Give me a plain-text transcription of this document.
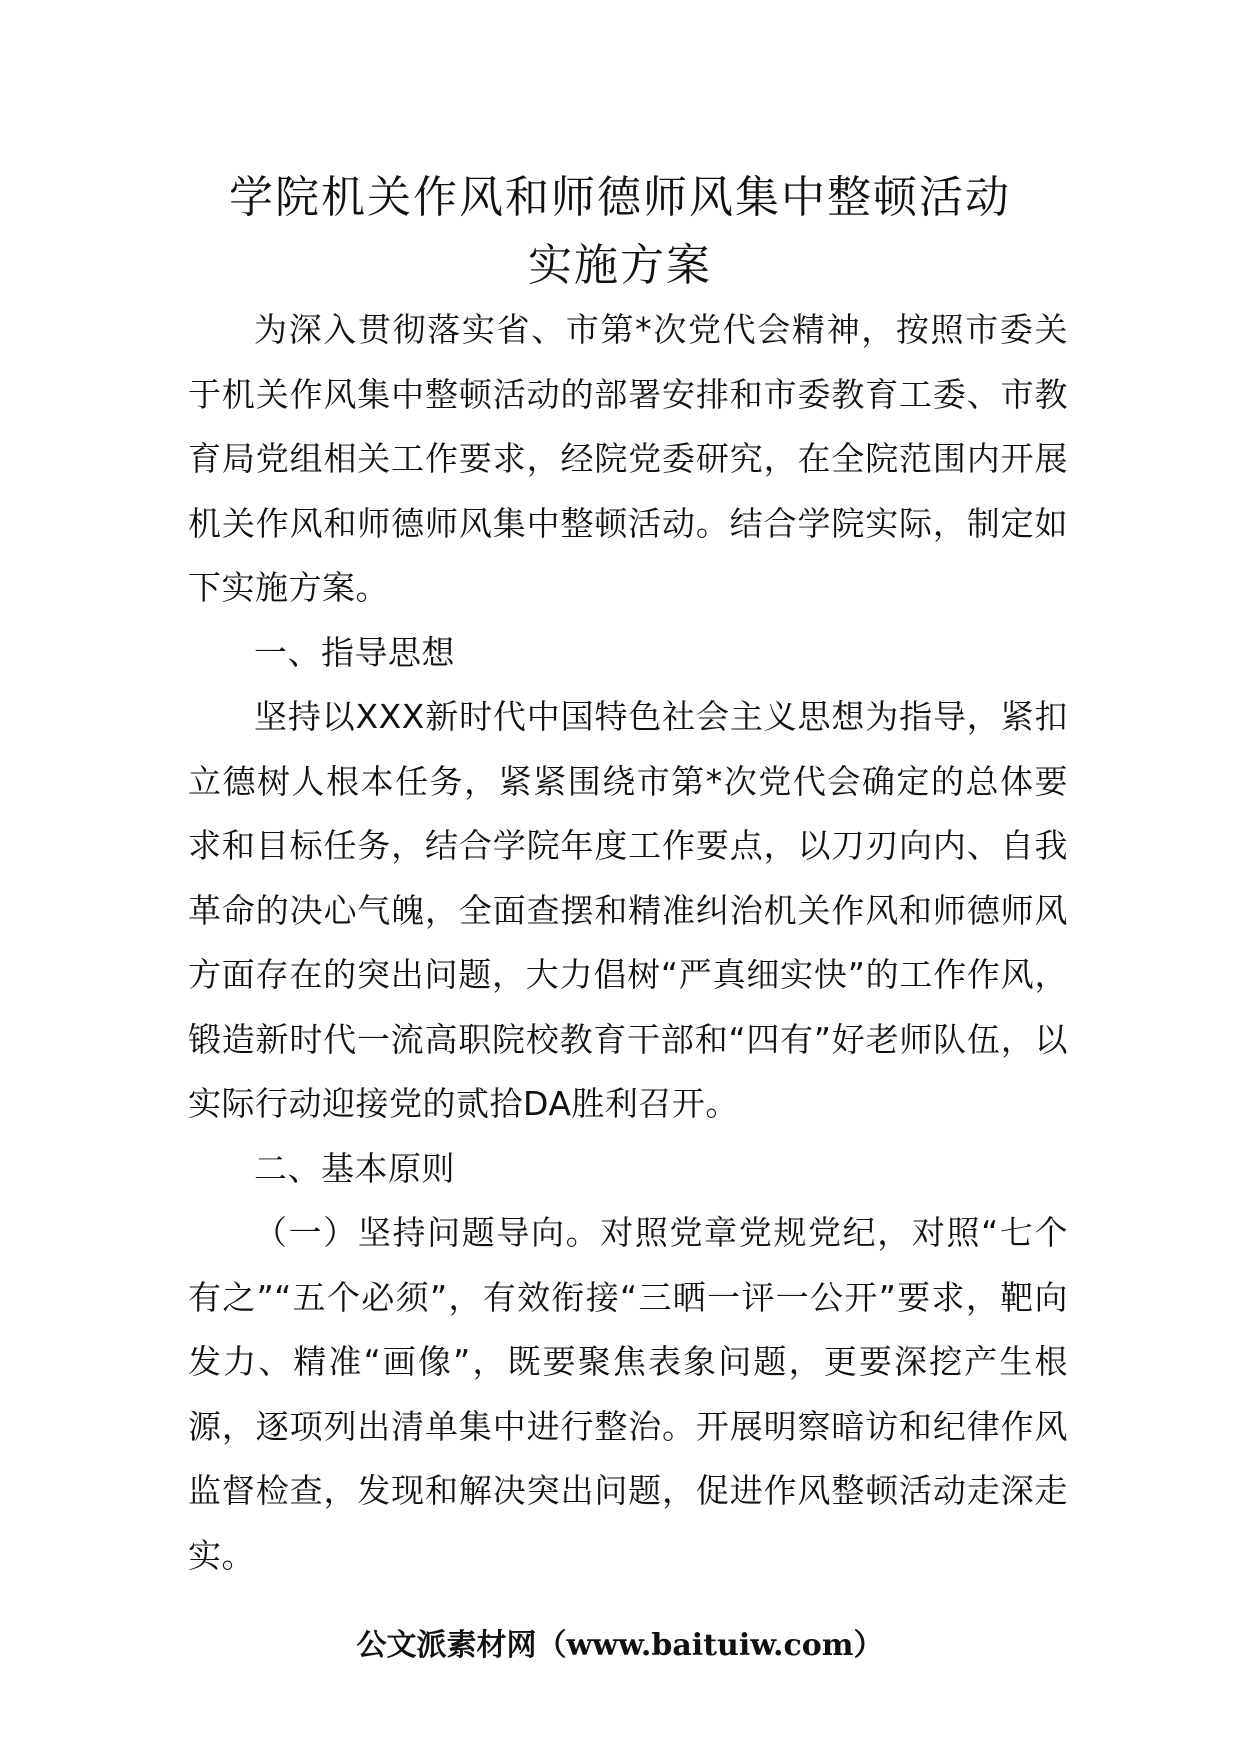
学院机关作风和师德师风集中整顿活动
实施方案

为深入贯彻落实省、市第*次党代会精神，按照市委关于机关作风集中整顿活动的部署安排和市委教育工委、市教育局党组相关工作要求，经院党委研究，在全院范围内开展机关作风和师德师风集中整顿活动。结合学院实际，制定如下实施方案。

一、指导思想

坚持以XXX新时代中国特色社会主义思想为指导，紧扣立德树人根本任务，紧紧围绕市第*次党代会确定的总体要求和目标任务，结合学院年度工作要点，以刀刃向内、自我革命的决心气魄，全面查摆和精准纠治机关作风和师德师风方面存在的突出问题，大力倡树“严真细实快”的工作作风，锻造新时代一流高职院校教育干部和“四有”好老师队伍，以实际行动迎接党的贰拾DA胜利召开。

二、基本原则

（一）坚持问题导向。对照党章党规党纪，对照“七个有之”“五个必须”，有效衔接“三晒一评一公开”要求，靶向发力、精准“画像”，既要聚焦表象问题，更要深挖产生根源，逐项列出清单集中进行整治。开展明察暗访和纪律作风监督检查，发现和解决突出问题，促进作风整顿活动走深走实。

公文派素材网（www.baituiw.com）
